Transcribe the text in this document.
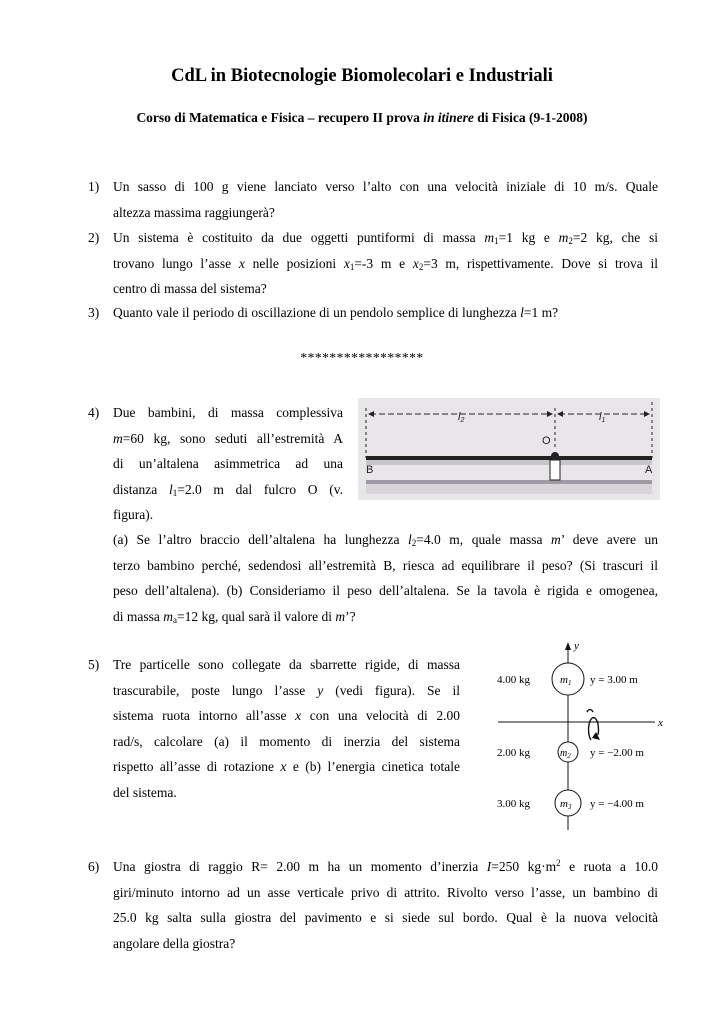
CdL in Biotecnologie Biomolecolari e Industriali
Corso di Matematica e Fisica – recupero II prova in itinere di Fisica (9-1-2008)
1) Un sasso di 100 g viene lanciato verso l’alto con una velocità iniziale di 10 m/s. Quale
altezza massima raggiungerà?
2) Un sistema è costituito da due oggetti puntiformi di massa $m_1=1$ kg e $m_2=2$ kg, che si
trovano lungo l’asse x nelle posizioni $x_1=-3$ m e $x_2=3$ m, rispettivamente. Dove si trova il
centro di massa del sistema?
3) Quanto vale il periodo di oscillazione di un pendolo semplice di lunghezza l=1 m?
*****************
4) Due bambini, di massa complessiva
m=60 kg, sono seduti all’estremità A
di un’altalena asimmetrica ad una
distanza $l_1=2.0$ m dal fulcro O (v.
figura).
(a) Se l’altro braccio dell’altalena ha lunghezza $l_2=4.0$ m, quale massa m’ deve avere un
terzo bambino perché, sedendosi all’estremità B, riesca ad equilibrare il peso? (Si trascuri il
peso dell’altalena). (b) Consideriamo il peso dell’altalena. Se la tavola è rigida e omogenea,
di massa $m_a=12$ kg, qual sarà il valore di m’?
l2	l1
O
B	A
5) Tre particelle sono collegate da sbarrette rigide, di massa
trascurabile, poste lungo l’asse y (vedi figura). Se il
sistema ruota intorno all’asse x con una velocità di 2.00
rad/s, calcolare (a) il momento di inerzia del sistema
rispetto all’asse di rotazione x e (b) l’energia cinetica totale
del sistema.
y
x
m1
4.00 kg	y = 3.00 m
$m_2$
2.00 kg	y = −2.00 m
m3
3.00 kg	y = −4.00 m
6) Una giostra di raggio R= 2.00 m ha un momento d’inerzia I=250 $kg\cdot m^2$ e ruota a 10.0
giri/minuto intorno ad un asse verticale privo di attrito. Rivolto verso l’asse, un bambino di
25.0 kg salta sulla giostra del pavimento e si siede sul bordo. Qual è la nuova velocità
angolare della giostra?
